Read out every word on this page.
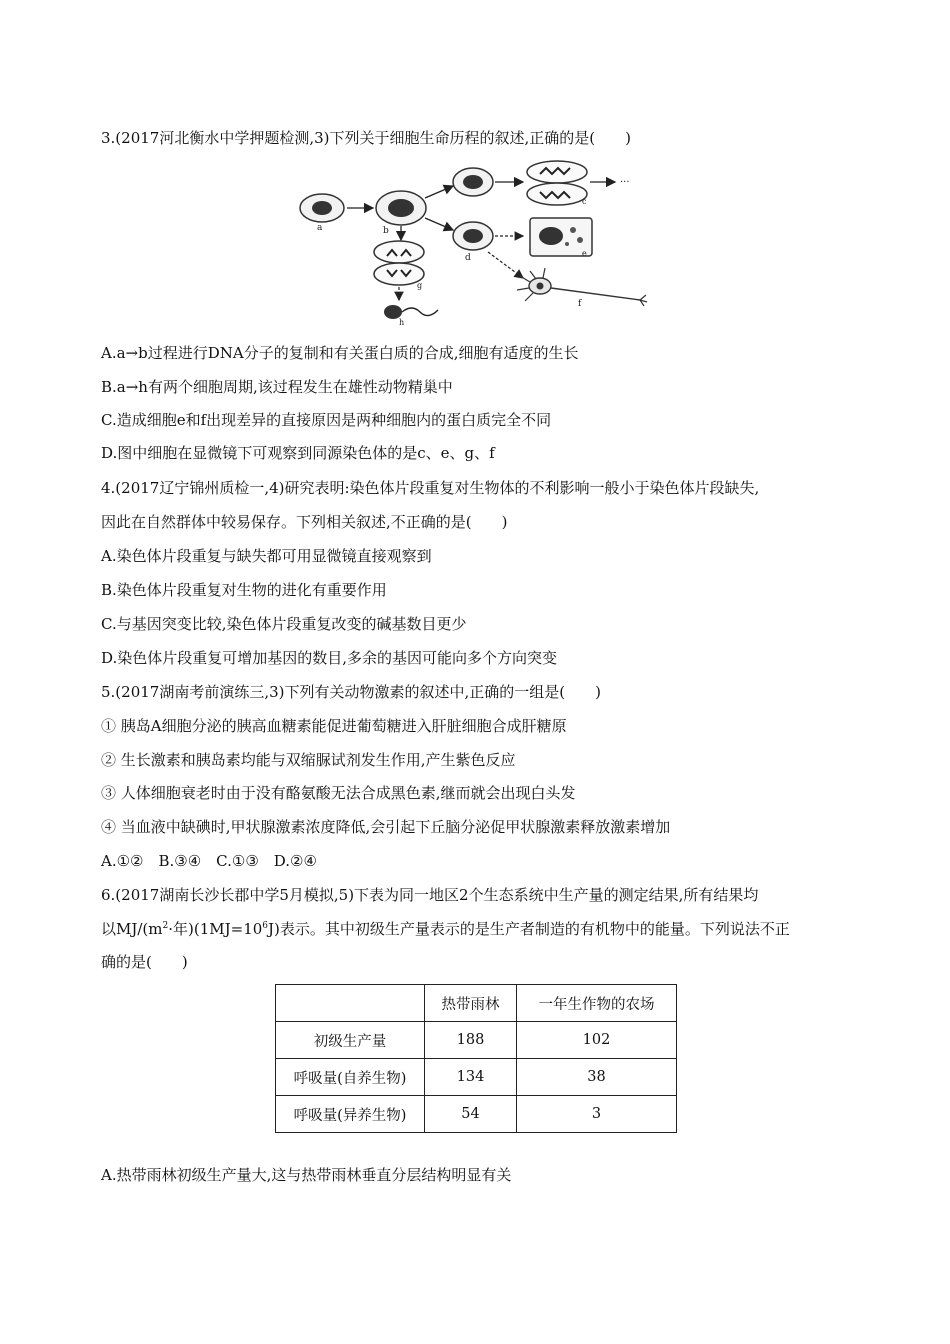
3.(2017河北衡水中学押题检测,3)下列关于细胞生命历程的叙述,正确的是(　　)
a	b
c
···
d	e
f
g
h
A.a→b过程进行DNA分子的复制和有关蛋白质的合成,细胞有适度的生长
B.a→h有两个细胞周期,该过程发生在雄性动物精巢中
C.造成细胞e和f出现差异的直接原因是两种细胞内的蛋白质完全不同
D.图中细胞在显微镜下可观察到同源染色体的是c、e、g、f
4.(2017辽宁锦州质检一,4)研究表明:染色体片段重复对生物体的不利影响一般小于染色体片段缺失,
因此在自然群体中较易保存。下列相关叙述,不正确的是(　　)
A.染色体片段重复与缺失都可用显微镜直接观察到
B.染色体片段重复对生物的进化有重要作用
C.与基因突变比较,染色体片段重复改变的碱基数目更少
D.染色体片段重复可增加基因的数目,多余的基因可能向多个方向突变
5.(2017湖南考前演练三,3)下列有关动物激素的叙述中,正确的一组是(　　)
① 胰岛A细胞分泌的胰高血糖素能促进葡萄糖进入肝脏细胞合成肝糖原
② 生长激素和胰岛素均能与双缩脲试剂发生作用,产生紫色反应
③ 人体细胞衰老时由于没有酪氨酸无法合成黑色素,继而就会出现白头发
④ 当血液中缺碘时,甲状腺激素浓度降低,会引起下丘脑分泌促甲状腺激素释放激素增加
A.①②　B.③④　C.①③　D.②④
6.(2017湖南长沙长郡中学5月模拟,5)下表为同一地区2个生态系统中生产量的测定结果,所有结果均
以$MJ/(m^2\cdot$年)$(1MJ=10^6J)$表示。其中初级生产量表示的是生产者制造的有机物中的能量。下列说法不正
确的是(　　)
	热带雨林	一年生作物的农场
初级生产量	188	102
呼吸量(自养生物)	134	38
呼吸量(异养生物)	54	3
A.热带雨林初级生产量大,这与热带雨林垂直分层结构明显有关
